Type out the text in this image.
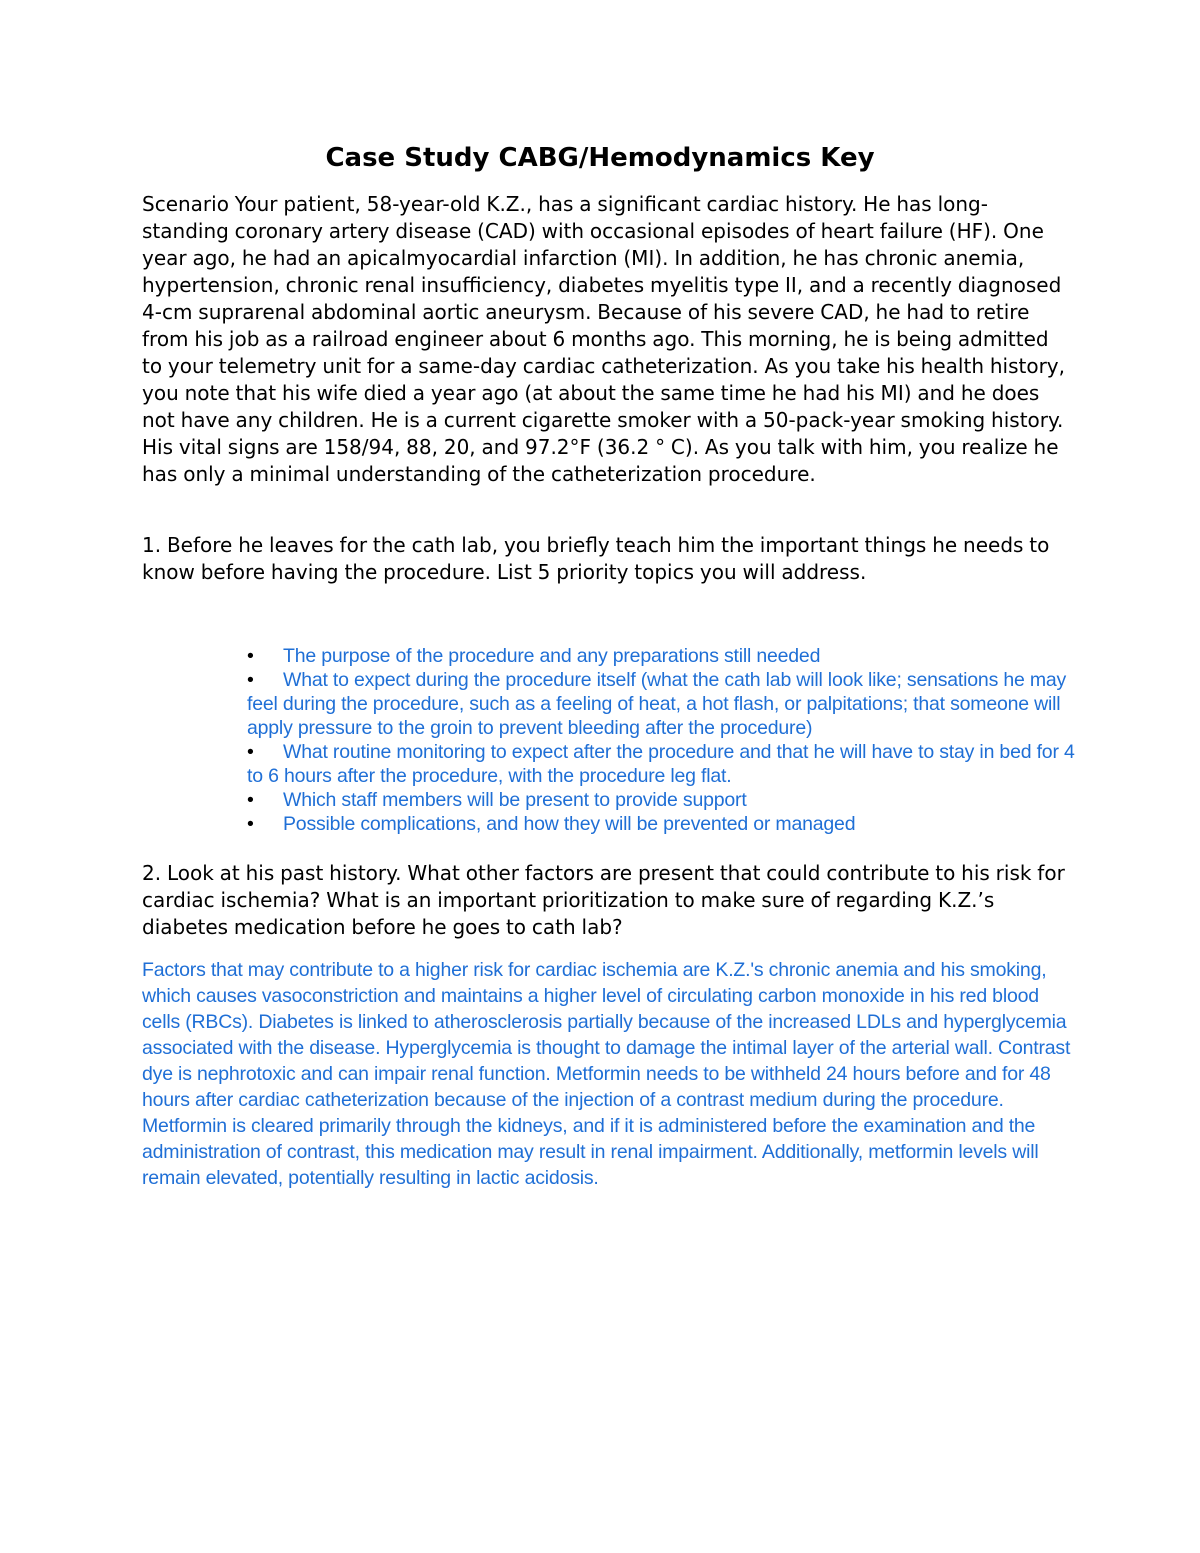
Case Study CABG/Hemodynamics Key

Scenario Your patient, 58-year-old K.Z., has a significant cardiac history. He has long-standing coronary artery disease (CAD) with occasional episodes of heart failure (HF). One year ago, he had an apicalmyocardial infarction (MI). In addition, he has chronic anemia, hypertension, chronic renal insufficiency, diabetes myelitis type II, and a recently diagnosed 4-cm suprarenal abdominal aortic aneurysm. Because of his severe CAD, he had to retire from his job as a railroad engineer about 6 months ago. This morning, he is being admitted to your telemetry unit for a same-day cardiac catheterization. As you take his health history, you note that his wife died a year ago (at about the same time he had his MI) and he does not have any children. He is a current cigarette smoker with a 50-pack-year smoking history. His vital signs are 158/94, 88, 20, and 97.2°F (36.2 ° C). As you talk with him, you realize he has only a minimal understanding of the catheterization procedure.

1. Before he leaves for the cath lab, you briefly teach him the important things he needs to know before having the procedure. List 5 priority topics you will address.

• The purpose of the procedure and any preparations still needed
• What to expect during the procedure itself (what the cath lab will look like; sensations he may feel during the procedure, such as a feeling of heat, a hot flash, or palpitations; that someone will apply pressure to the groin to prevent bleeding after the procedure)
• What routine monitoring to expect after the procedure and that he will have to stay in bed for 4 to 6 hours after the procedure, with the procedure leg flat.
• Which staff members will be present to provide support
• Possible complications, and how they will be prevented or managed

2. Look at his past history. What other factors are present that could contribute to his risk for cardiac ischemia? What is an important prioritization to make sure of regarding K.Z.’s diabetes medication before he goes to cath lab?

Factors that may contribute to a higher risk for cardiac ischemia are K.Z.'s chronic anemia and his smoking, which causes vasoconstriction and maintains a higher level of circulating carbon monoxide in his red blood cells (RBCs). Diabetes is linked to atherosclerosis partially because of the increased LDLs and hyperglycemia associated with the disease. Hyperglycemia is thought to damage the intimal layer of the arterial wall. Contrast dye is nephrotoxic and can impair renal function. Metformin needs to be withheld 24 hours before and for 48 hours after cardiac catheterization because of the injection of a contrast medium during the procedure. Metformin is cleared primarily through the kidneys, and if it is administered before the examination and the administration of contrast, this medication may result in renal impairment. Additionally, metformin levels will remain elevated, potentially resulting in lactic acidosis.
